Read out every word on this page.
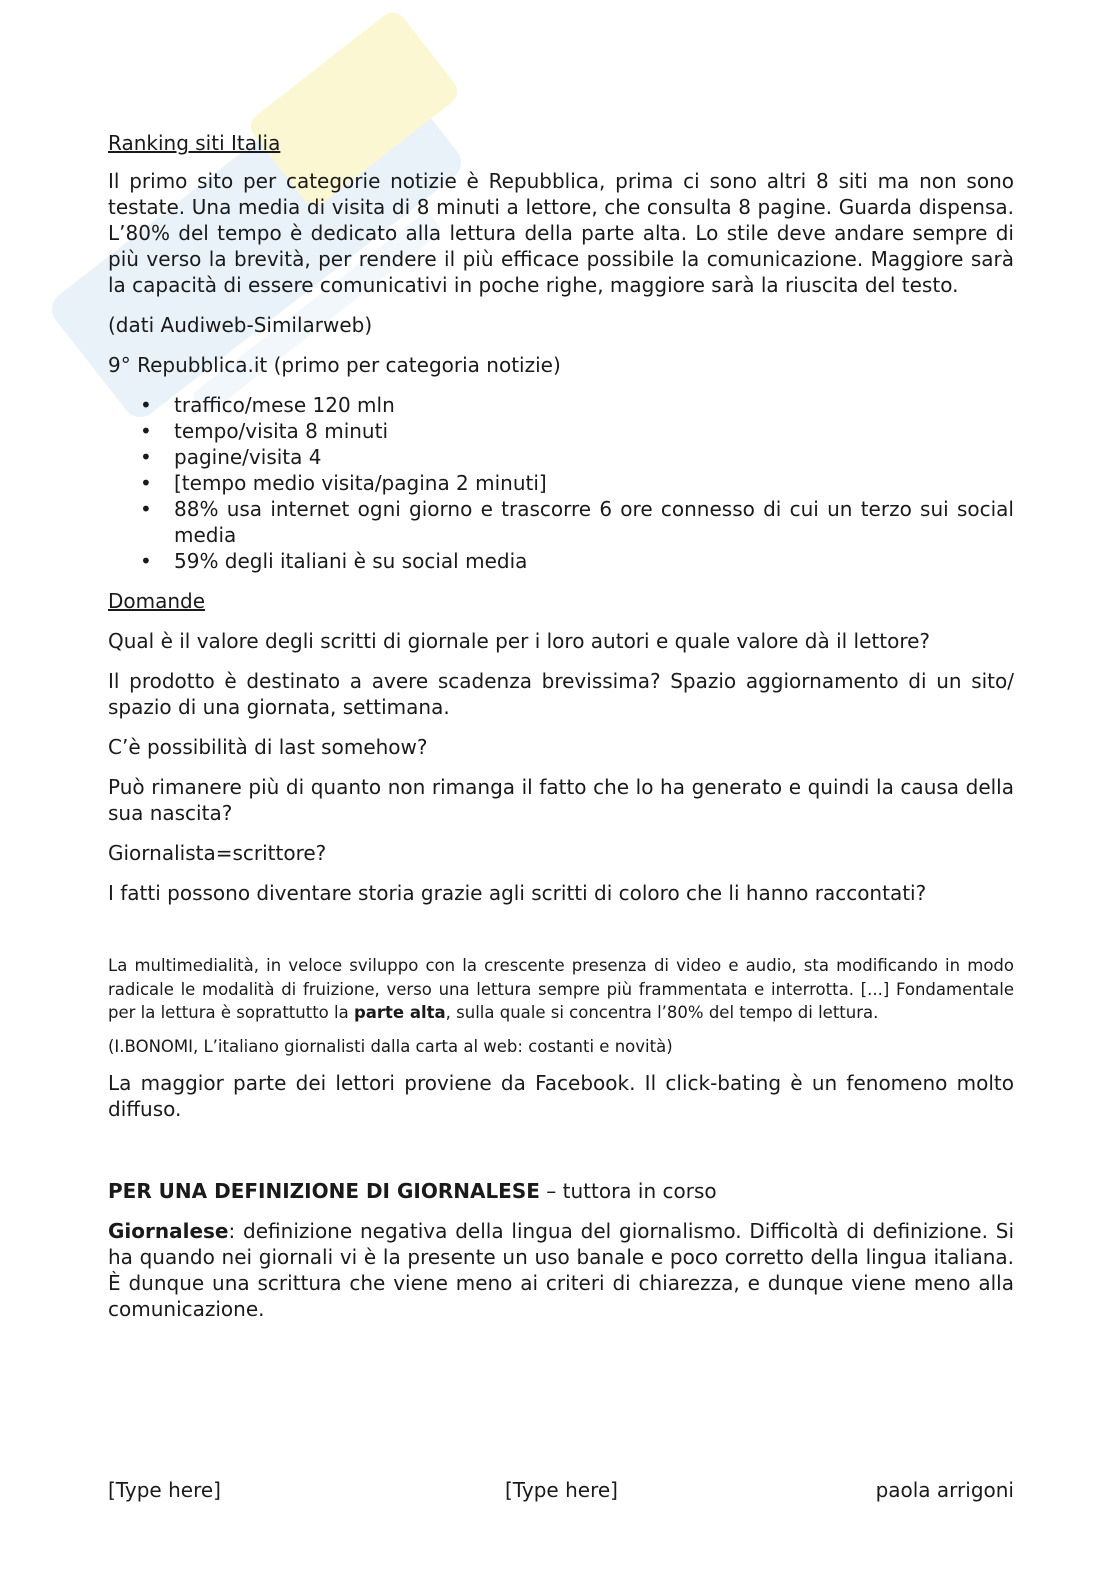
Ranking siti Italia

Il primo sito per categorie notizie è Repubblica, prima ci sono altri 8 siti ma non sono testate. Una media di visita di 8 minuti a lettore, che consulta 8 pagine. Guarda dispensa. L’80% del tempo è dedicato alla lettura della parte alta. Lo stile deve andare sempre di più verso la brevità, per rendere il più efficace possibile la comunicazione. Maggiore sarà la capacità di essere comunicativi in poche righe, maggiore sarà la riuscita del testo.

(dati Audiweb-Similarweb)

9° Repubblica.it (primo per categoria notizie)

• traffico/mese 120 mln
• tempo/visita 8 minuti
• pagine/visita 4
• [tempo medio visita/pagina 2 minuti]
• 88% usa internet ogni giorno e trascorre 6 ore connesso di cui un terzo sui social media
• 59% degli italiani è su social media

Domande

Qual è il valore degli scritti di giornale per i loro autori e quale valore dà il lettore?

Il prodotto è destinato a avere scadenza brevissima? Spazio aggiornamento di un sito/ spazio di una giornata, settimana.

C’è possibilità di last somehow?

Può rimanere più di quanto non rimanga il fatto che lo ha generato e quindi la causa della sua nascita?

Giornalista=scrittore?

I fatti possono diventare storia grazie agli scritti di coloro che li hanno raccontati?

La multimedialità, in veloce sviluppo con la crescente presenza di video e audio, sta modificando in modo radicale le modalità di fruizione, verso una lettura sempre più frammentata e interrotta. [...] Fondamentale per la lettura è soprattutto la parte alta, sulla quale si concentra l’80% del tempo di lettura.

(I.BONOMI, L’italiano giornalisti dalla carta al web: costanti e novità)

La maggior parte dei lettori proviene da Facebook. Il click-bating è un fenomeno molto diffuso.

PER UNA DEFINIZIONE DI GIORNALESE – tuttora in corso

Giornalese: definizione negativa della lingua del giornalismo. Difficoltà di definizione. Si ha quando nei giornali vi è la presente un uso banale e poco corretto della lingua italiana. È dunque una scrittura che viene meno ai criteri di chiarezza, e dunque viene meno alla comunicazione.

[Type here]	[Type here]	paola arrigoni
